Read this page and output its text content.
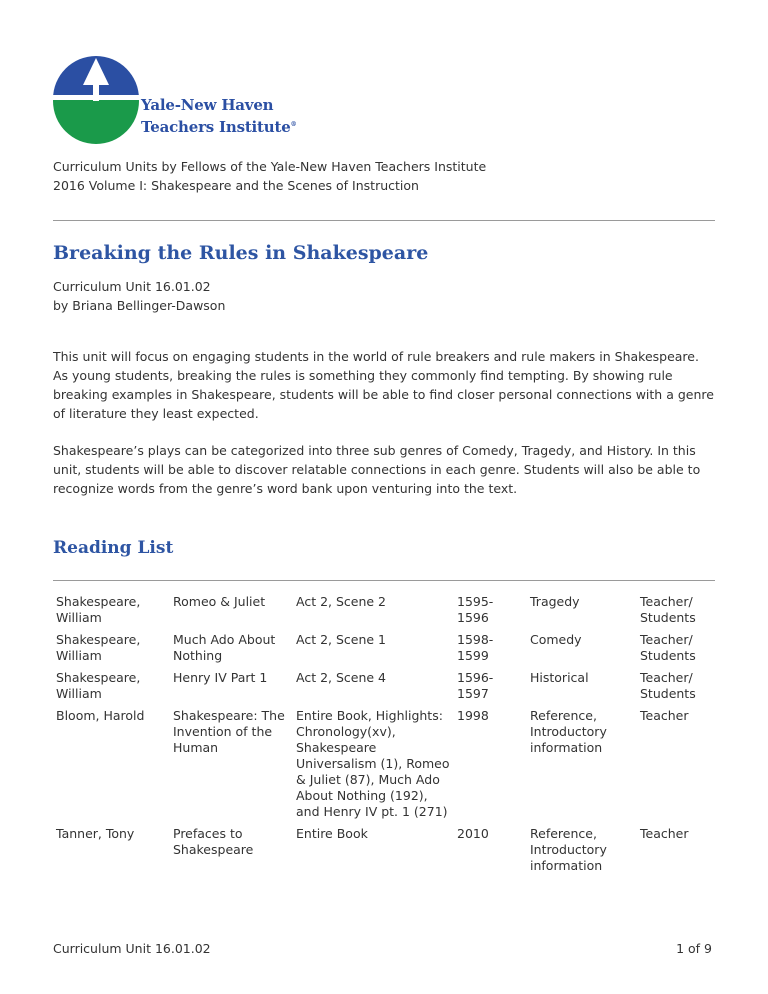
Yale-New Haven
Teachers Institute®
Curriculum Units by Fellows of the Yale-New Haven Teachers Institute
2016 Volume I: Shakespeare and the Scenes of Instruction
Breaking the Rules in Shakespeare
Curriculum Unit 16.01.02
by Briana Bellinger-Dawson

This unit will focus on engaging students in the world of rule breakers and rule makers in Shakespeare. As young students, breaking the rules is something they commonly find tempting. By showing rule breaking examples in Shakespeare, students will be able to find closer personal connections with a genre of literature they least expected.

Shakespeare’s plays can be categorized into three sub genres of Comedy, Tragedy, and History. In this unit, students will be able to discover relatable connections in each genre. Students will also be able to recognize words from the genre’s word bank upon venturing into the text.

Reading List
Shakespeare, William	Romeo & Juliet	Act 2, Scene 2	1595-1596	Tragedy	Teacher/ Students
Shakespeare, William	Much Ado About Nothing	Act 2, Scene 1	1598-1599	Comedy	Teacher/ Students
Shakespeare, William	Henry IV Part 1	Act 2, Scene 4	1596-1597	Historical	Teacher/ Students
Bloom, Harold	Shakespeare: The Invention of the Human	Entire Book, Highlights: Chronology(xv), Shakespeare Universalism (1), Romeo & Juliet (87), Much Ado About Nothing (192), and Henry IV pt. 1 (271)	1998	Reference, Introductory information	Teacher
Tanner, Tony	Prefaces to Shakespeare	Entire Book	2010	Reference, Introductory information	Teacher
Curriculum Unit 16.01.02	1 of 9
